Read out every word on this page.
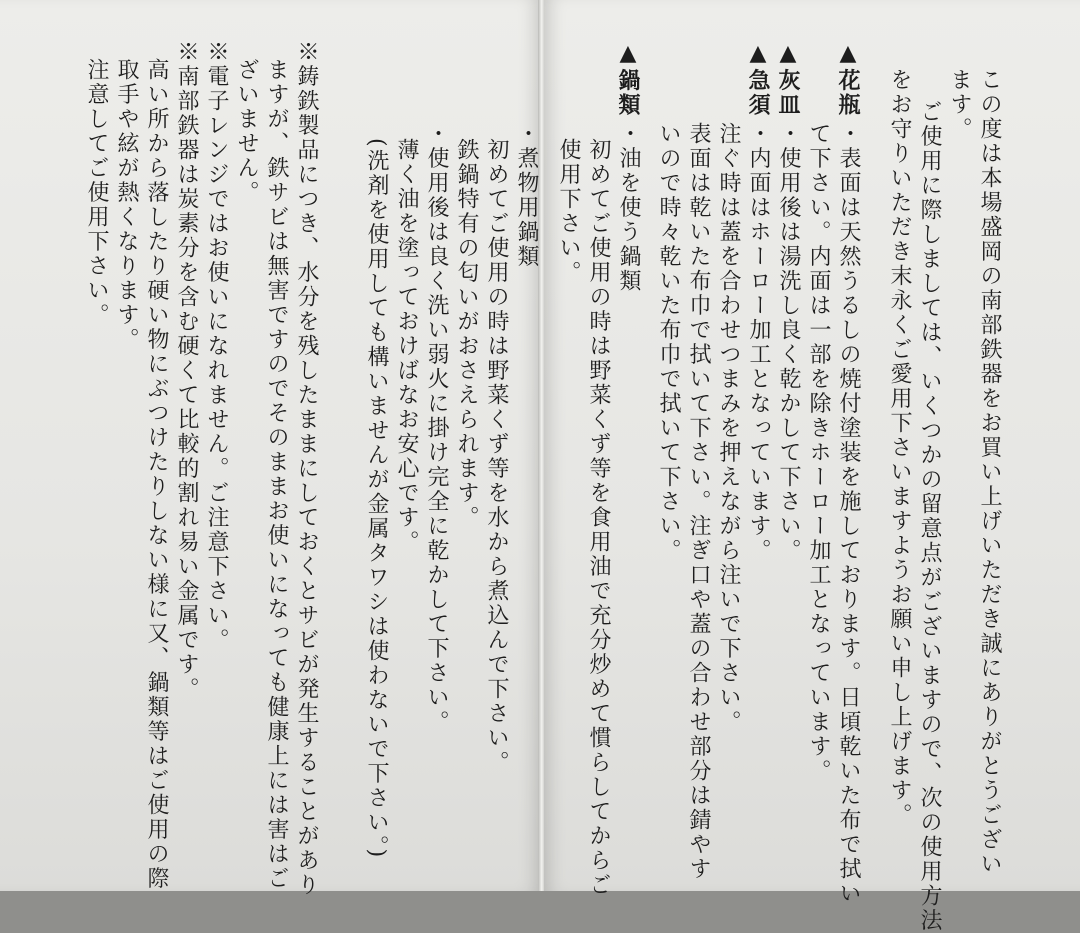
この度は本場盛岡の南部鉄器をお買い上げいただき誠にありがとうござい
ます。
ご使用に際しましては、いくつかの留意点がございますので、次の使用方法
をお守りいただき末永くご愛用下さいますようお願い申し上げます。
▲花瓶
・表面は天然うるしの焼付塗装を施しております。日頃乾いた布で拭い
て下さい。内面は一部を除きホーロー加工となっています。
▲灰皿
・使用後は湯洗し良く乾かして下さい。
▲急須
・内面はホーロー加工となっています。
注ぐ時は蓋を合わせつまみを押えながら注いで下さい。
表面は乾いた布巾で拭いて下さい。注ぎ口や蓋の合わせ部分は錆やす
いので時々乾いた布巾で拭いて下さい。
▲鍋類
・油を使う鍋類
初めてご使用の時は野菜くず等を食用油で充分炒めて慣らしてからご
使用下さい。
・煮物用鍋類
初めてご使用の時は野菜くず等を水から煮込んで下さい。
鉄鍋特有の匂いがおさえられます。
・使用後は良く洗い弱火に掛け完全に乾かして下さい。
薄く油を塗っておけばなお安心です。
(洗剤を使用しても構いませんが金属タワシは使わないで下さい。)
※鋳鉄製品につき、水分を残したままにしておくとサビが発生することがあり
ますが、鉄サビは無害ですのでそのままお使いになっても健康上には害はご
ざいません。
※電子レンジではお使いになれません。ご注意下さい。
※南部鉄器は炭素分を含む硬くて比較的割れ易い金属です。
高い所から落したり硬い物にぶつけたりしない様に又、鍋類等はご使用の際
取手や絃が熱くなります。
注意してご使用下さい。
